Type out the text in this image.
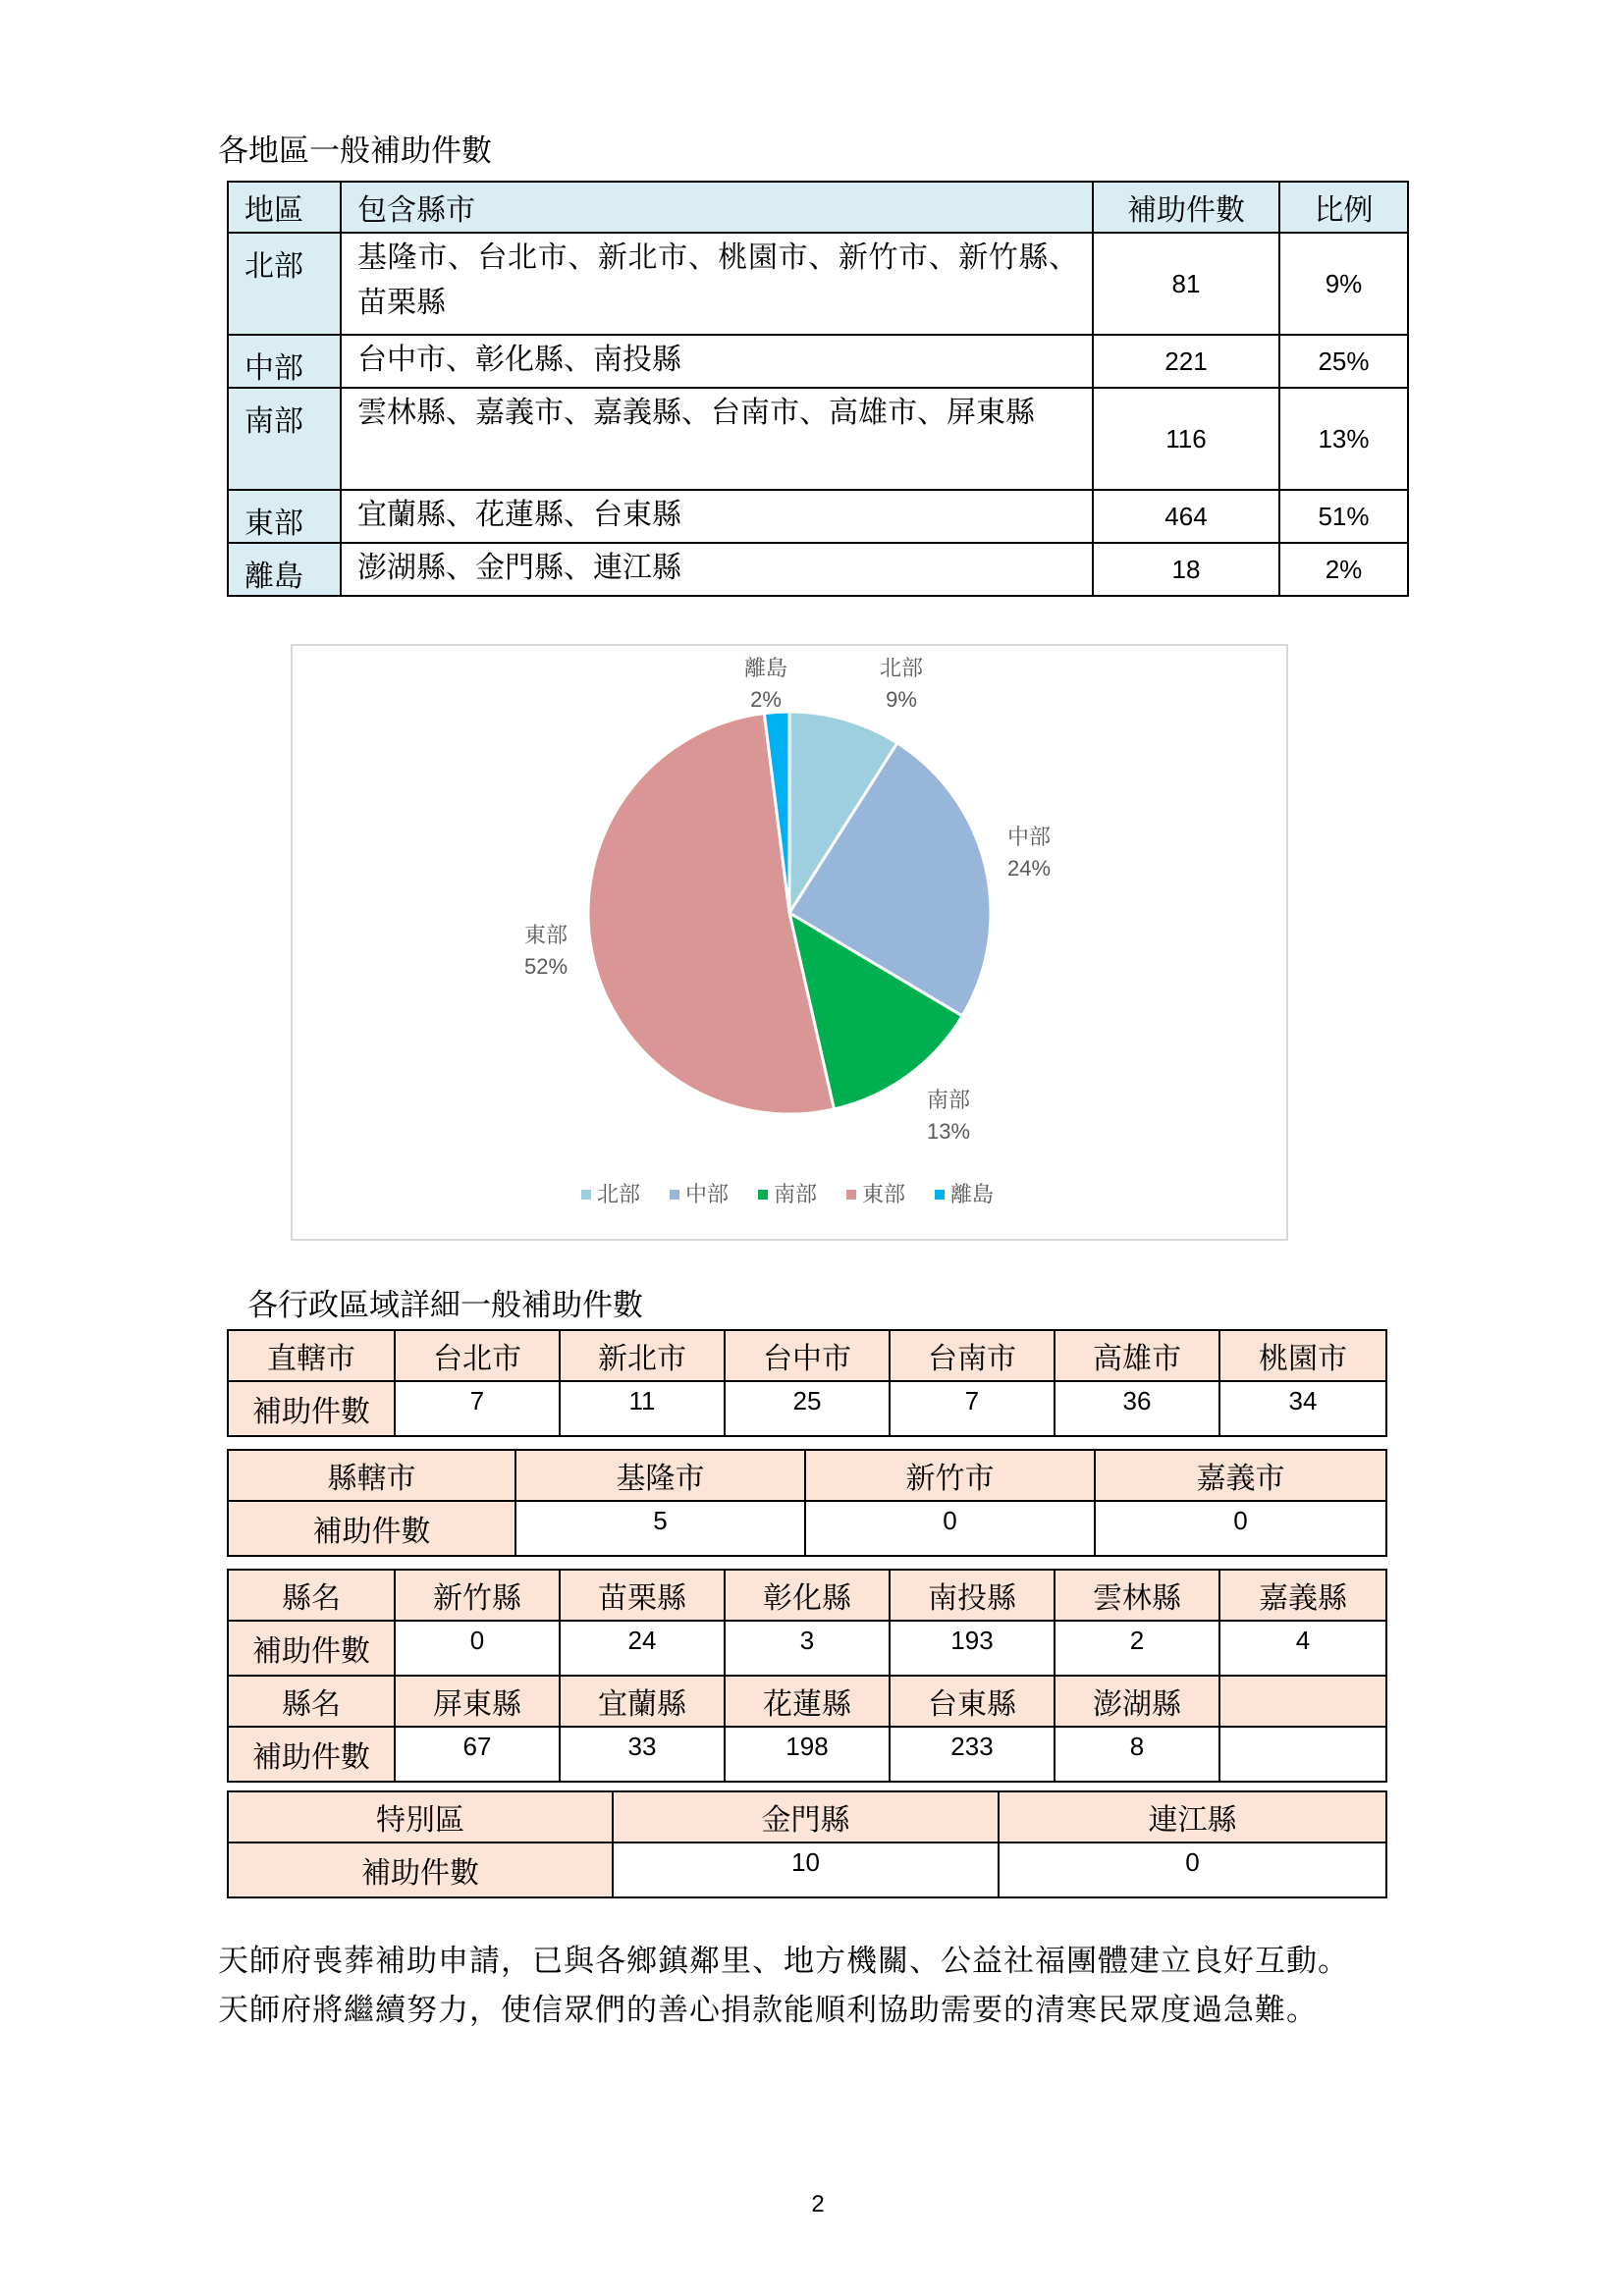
各地區一般補助件數
地區	包含縣市	補助件數	比例
北部	基隆市、台北市、新北市、桃園市、新竹市、新竹縣、苗栗縣	81	9%
中部	台中市、彰化縣、南投縣	221	25%
南部	雲林縣、嘉義市、嘉義縣、台南市、高雄市、屏東縣	116	13%
東部	宜蘭縣、花蓮縣、台東縣	464	51%
離島	澎湖縣、金門縣、連江縣	18	2%
北部
9%
中部
24%
南部
13%
東部
52%
離島
2%
北部 中部 南部 東部 離島
各行政區域詳細一般補助件數
直轄市	台北市	新北市	台中市	台南市	高雄市	桃園市
補助件數	7	11	25	7	36	34
縣轄市	基隆市	新竹市	嘉義市
補助件數	5	0	0
縣名	新竹縣	苗栗縣	彰化縣	南投縣	雲林縣	嘉義縣
補助件數	0	24	3	193	2	4
縣名	屏東縣	宜蘭縣	花蓮縣	台東縣	澎湖縣	
補助件數	67	33	198	233	8	
特別區	金門縣	連江縣
補助件數	10	0
天師府喪葬補助申請，已與各鄉鎮鄰里、地方機關、公益社福團體建立良好互動。
天師府將繼續努力，使信眾們的善心捐款能順利協助需要的清寒民眾度過急難。
2
